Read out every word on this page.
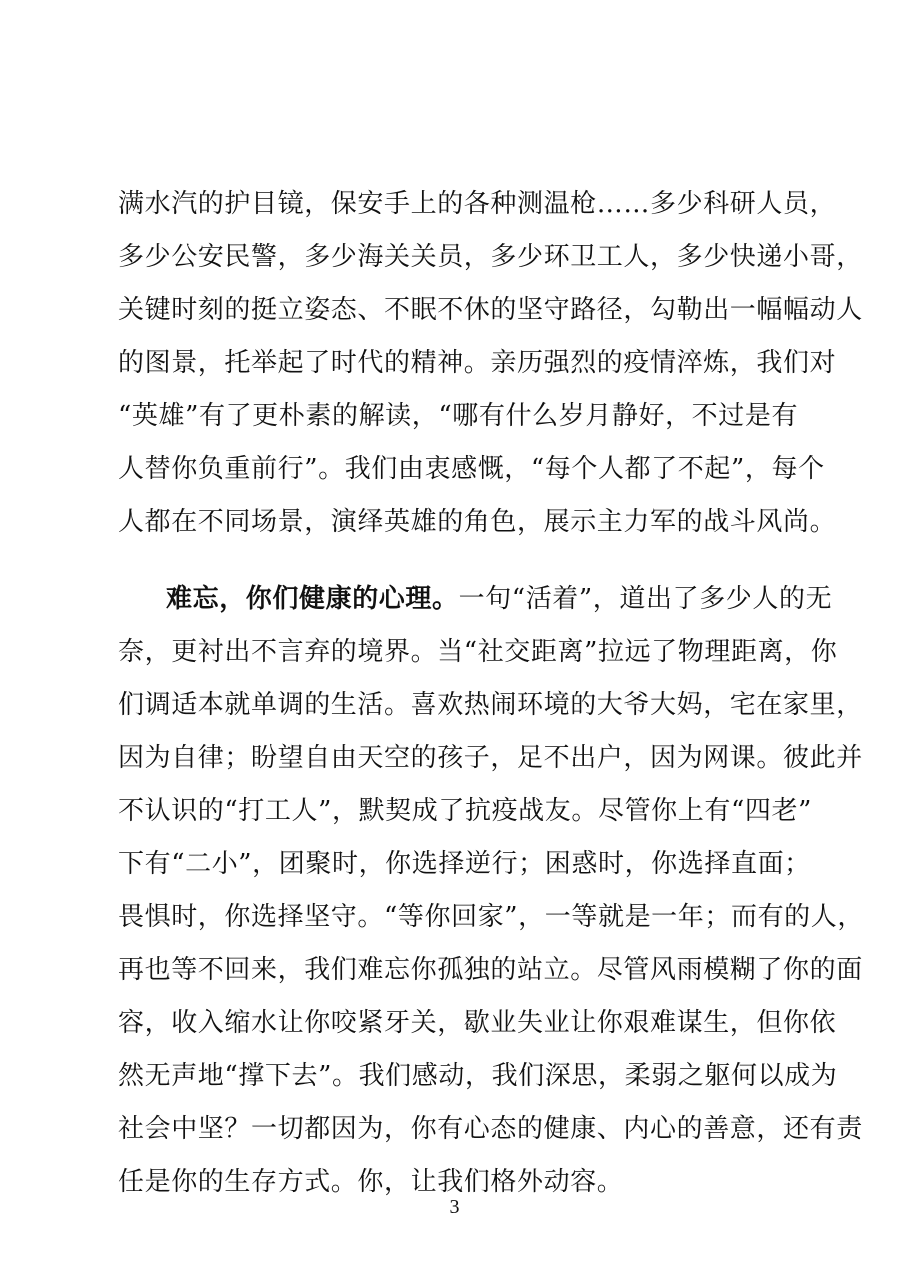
满水汽的护目镜，保安手上的各种测温枪……多少科研人员，
多少公安民警，多少海关关员，多少环卫工人，多少快递小哥，
关键时刻的挺立姿态、不眠不休的坚守路径，勾勒出一幅幅动人
的图景，托举起了时代的精神。亲历强烈的疫情淬炼，我们对
“英雄”有了更朴素的解读，“哪有什么岁月静好，不过是有
人替你负重前行”。我们由衷感慨，“每个人都了不起”，每个
人都在不同场景，演绎英雄的角色，展示主力军的战斗风尚。
难忘，你们健康的心理。一句“活着”，道出了多少人的无
奈，更衬出不言弃的境界。当“社交距离”拉远了物理距离，你
们调适本就单调的生活。喜欢热闹环境的大爷大妈，宅在家里，
因为自律；盼望自由天空的孩子，足不出户，因为网课。彼此并
不认识的“打工人”，默契成了抗疫战友。尽管你上有“四老”
下有“二小”，团聚时，你选择逆行；困惑时，你选择直面；
畏惧时，你选择坚守。“等你回家”，一等就是一年；而有的人，
再也等不回来，我们难忘你孤独的站立。尽管风雨模糊了你的面
容，收入缩水让你咬紧牙关，歇业失业让你艰难谋生，但你依
然无声地“撑下去”。我们感动，我们深思，柔弱之躯何以成为
社会中坚？一切都因为，你有心态的健康、内心的善意，还有责
任是你的生存方式。你，让我们格外动容。
3
